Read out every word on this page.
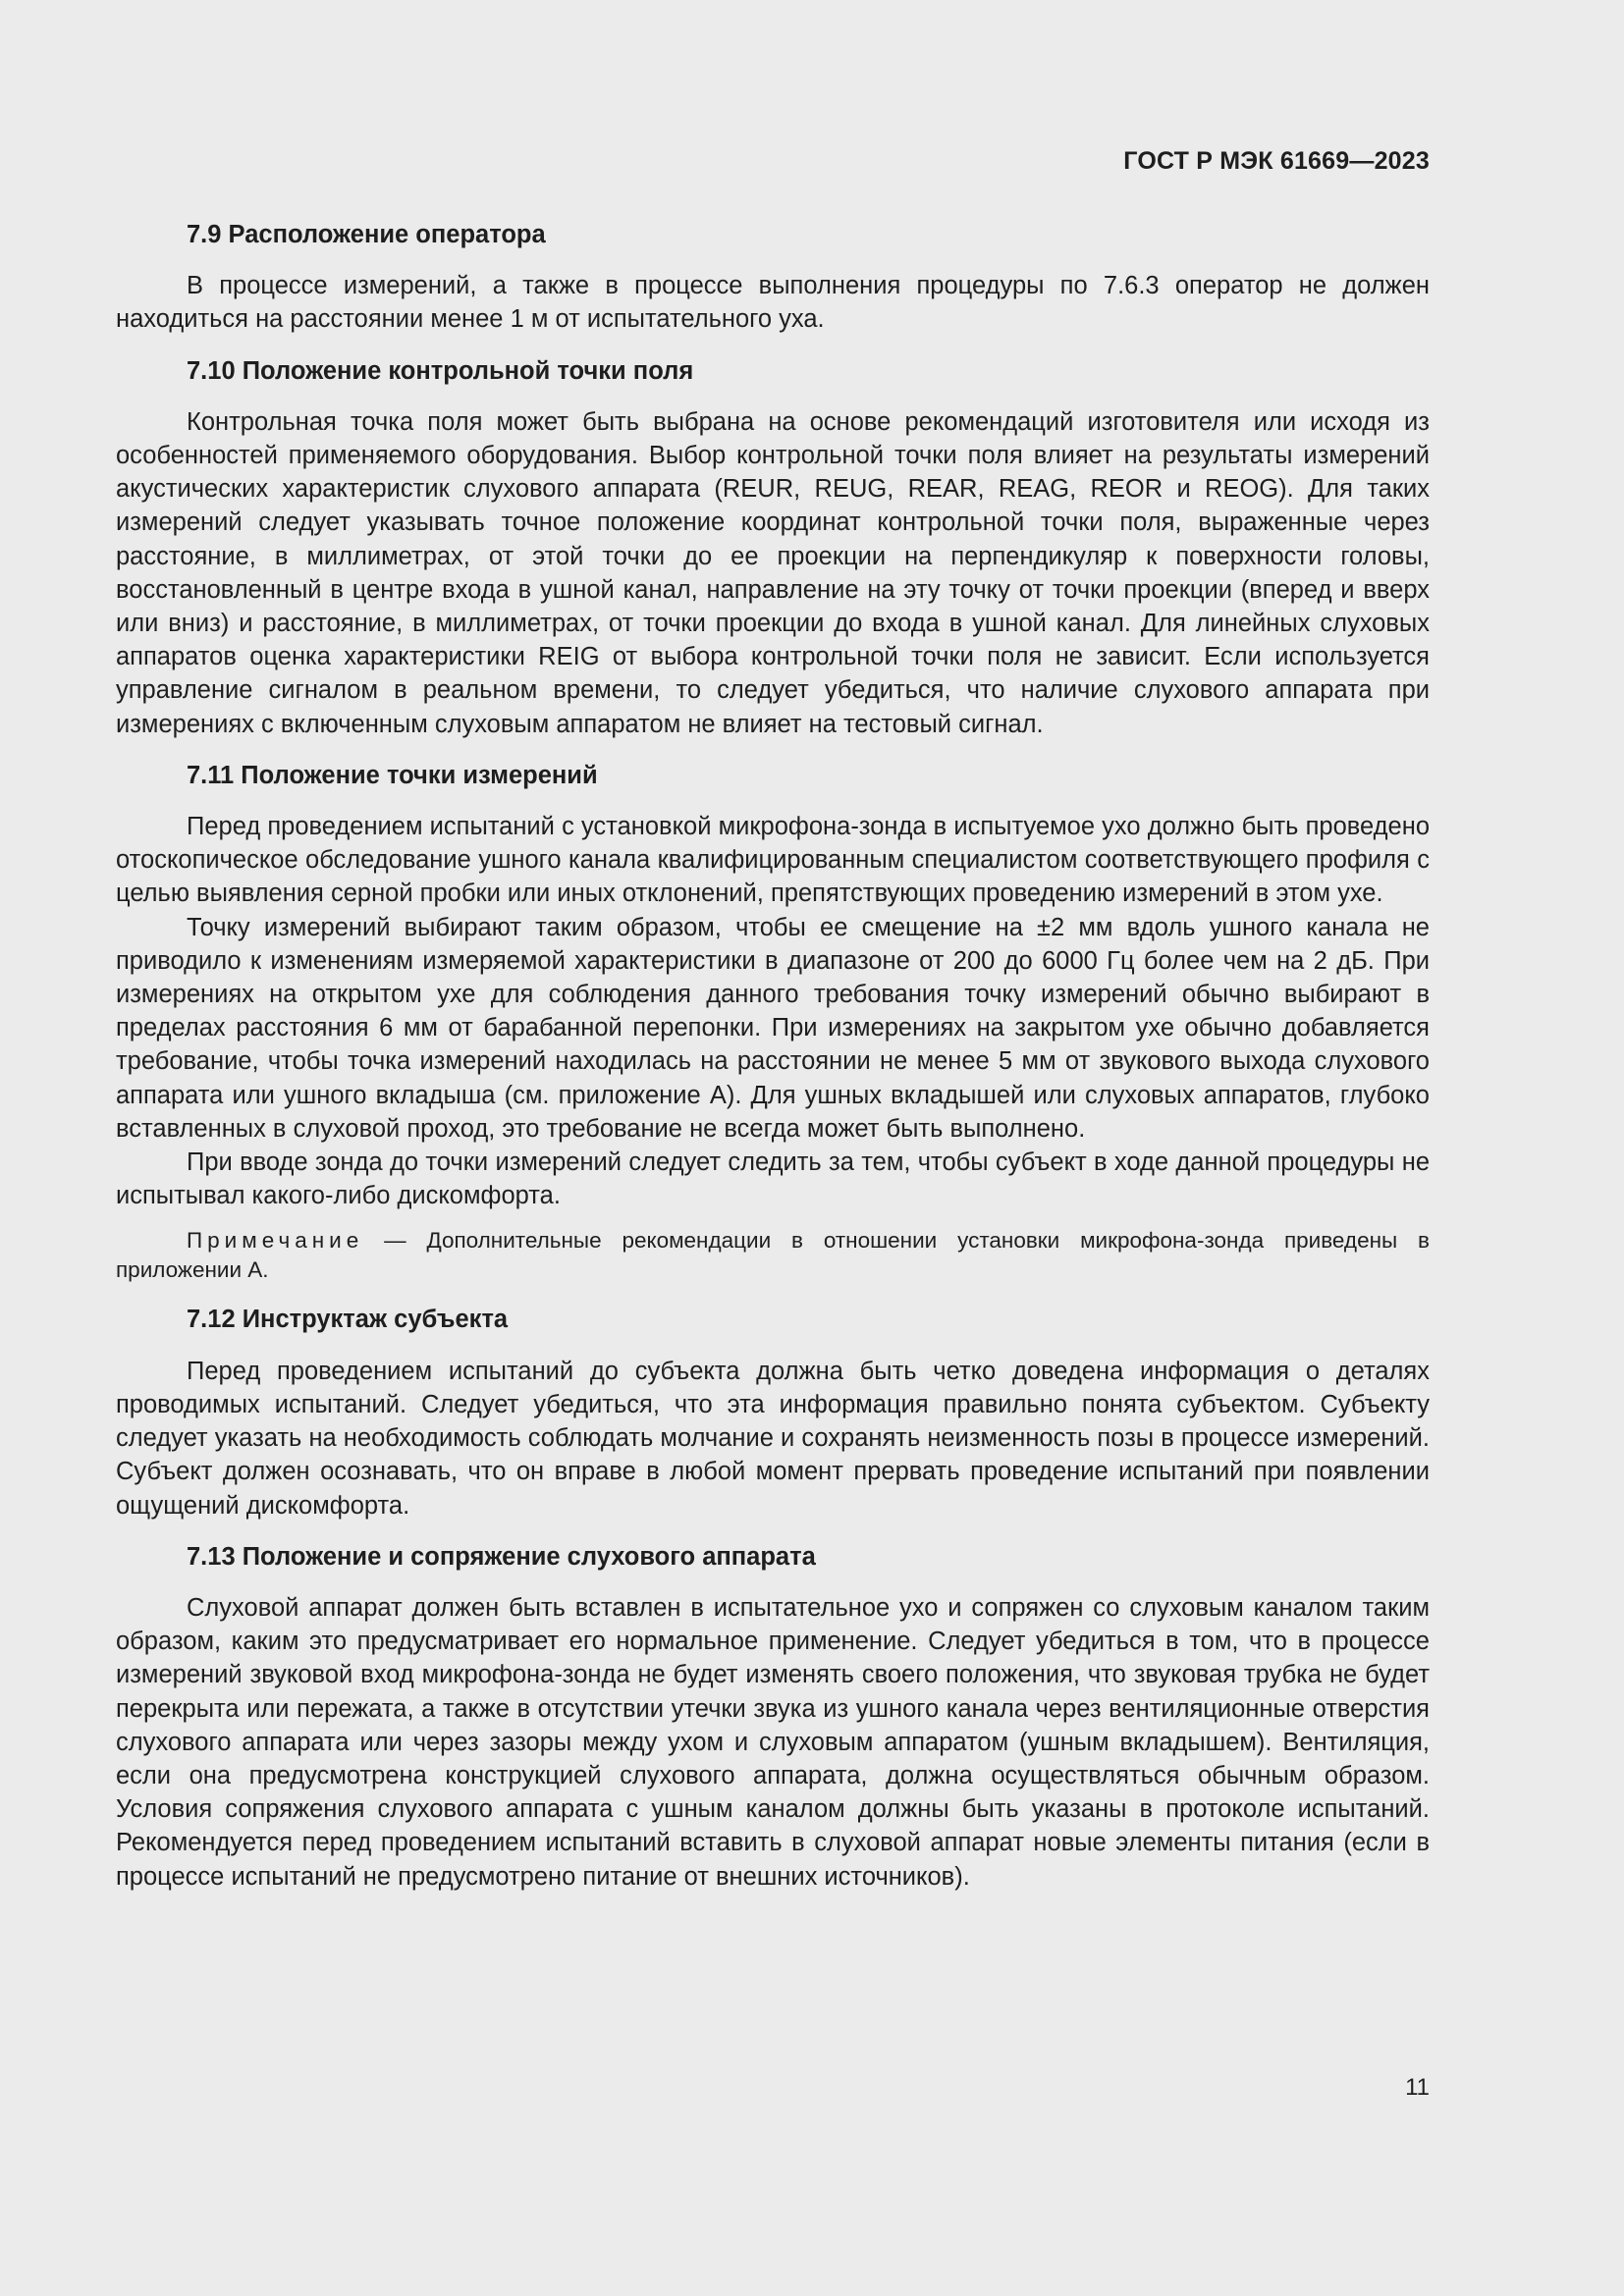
ГОСТ Р МЭК 61669—2023

7.9 Расположение оператора

В процессе измерений, а также в процессе выполнения процедуры по 7.6.3 оператор не должен находиться на расстоянии менее 1 м от испытательного уха.

7.10 Положение контрольной точки поля

Контрольная точка поля может быть выбрана на основе рекомендаций изготовителя или исходя из особенностей применяемого оборудования. Выбор контрольной точки поля влияет на результаты измерений акустических характеристик слухового аппарата (REUR, REUG, REAR, REAG, REOR и REOG). Для таких измерений следует указывать точное положение координат контрольной точки поля, выраженные через расстояние, в миллиметрах, от этой точки до ее проекции на перпендикуляр к поверхности головы, восстановленный в центре входа в ушной канал, направление на эту точку от точки проекции (вперед и вверх или вниз) и расстояние, в миллиметрах, от точки проекции до входа в ушной канал. Для линейных слуховых аппаратов оценка характеристики REIG от выбора контрольной точки поля не зависит. Если используется управление сигналом в реальном времени, то следует убедиться, что наличие слухового аппарата при измерениях с включенным слуховым аппаратом не влияет на тестовый сигнал.

7.11 Положение точки измерений

Перед проведением испытаний с установкой микрофона-зонда в испытуемое ухо должно быть проведено отоскопическое обследование ушного канала квалифицированным специалистом соответствующего профиля с целью выявления серной пробки или иных отклонений, препятствующих проведению измерений в этом ухе.

Точку измерений выбирают таким образом, чтобы ее смещение на ±2 мм вдоль ушного канала не приводило к изменениям измеряемой характеристики в диапазоне от 200 до 6000 Гц более чем на 2 дБ. При измерениях на открытом ухе для соблюдения данного требования точку измерений обычно выбирают в пределах расстояния 6 мм от барабанной перепонки. При измерениях на закрытом ухе обычно добавляется требование, чтобы точка измерений находилась на расстоянии не менее 5 мм от звукового выхода слухового аппарата или ушного вкладыша (см. приложение А). Для ушных вкладышей или слуховых аппаратов, глубоко вставленных в слуховой проход, это требование не всегда может быть выполнено.

При вводе зонда до точки измерений следует следить за тем, чтобы субъект в ходе данной процедуры не испытывал какого-либо дискомфорта.

Примечание — Дополнительные рекомендации в отношении установки микрофона-зонда приведены в приложении А.

7.12 Инструктаж субъекта

Перед проведением испытаний до субъекта должна быть четко доведена информация о деталях проводимых испытаний. Следует убедиться, что эта информация правильно понята субъектом. Субъекту следует указать на необходимость соблюдать молчание и сохранять неизменность позы в процессе измерений. Субъект должен осознавать, что он вправе в любой момент прервать проведение испытаний при появлении ощущений дискомфорта.

7.13 Положение и сопряжение слухового аппарата

Слуховой аппарат должен быть вставлен в испытательное ухо и сопряжен со слуховым каналом таким образом, каким это предусматривает его нормальное применение. Следует убедиться в том, что в процессе измерений звуковой вход микрофона-зонда не будет изменять своего положения, что звуковая трубка не будет перекрыта или пережата, а также в отсутствии утечки звука из ушного канала через вентиляционные отверстия слухового аппарата или через зазоры между ухом и слуховым аппаратом (ушным вкладышем). Вентиляция, если она предусмотрена конструкцией слухового аппарата, должна осуществляться обычным образом. Условия сопряжения слухового аппарата с ушным каналом должны быть указаны в протоколе испытаний. Рекомендуется перед проведением испытаний вставить в слуховой аппарат новые элементы питания (если в процессе испытаний не предусмотрено питание от внешних источников).

11
